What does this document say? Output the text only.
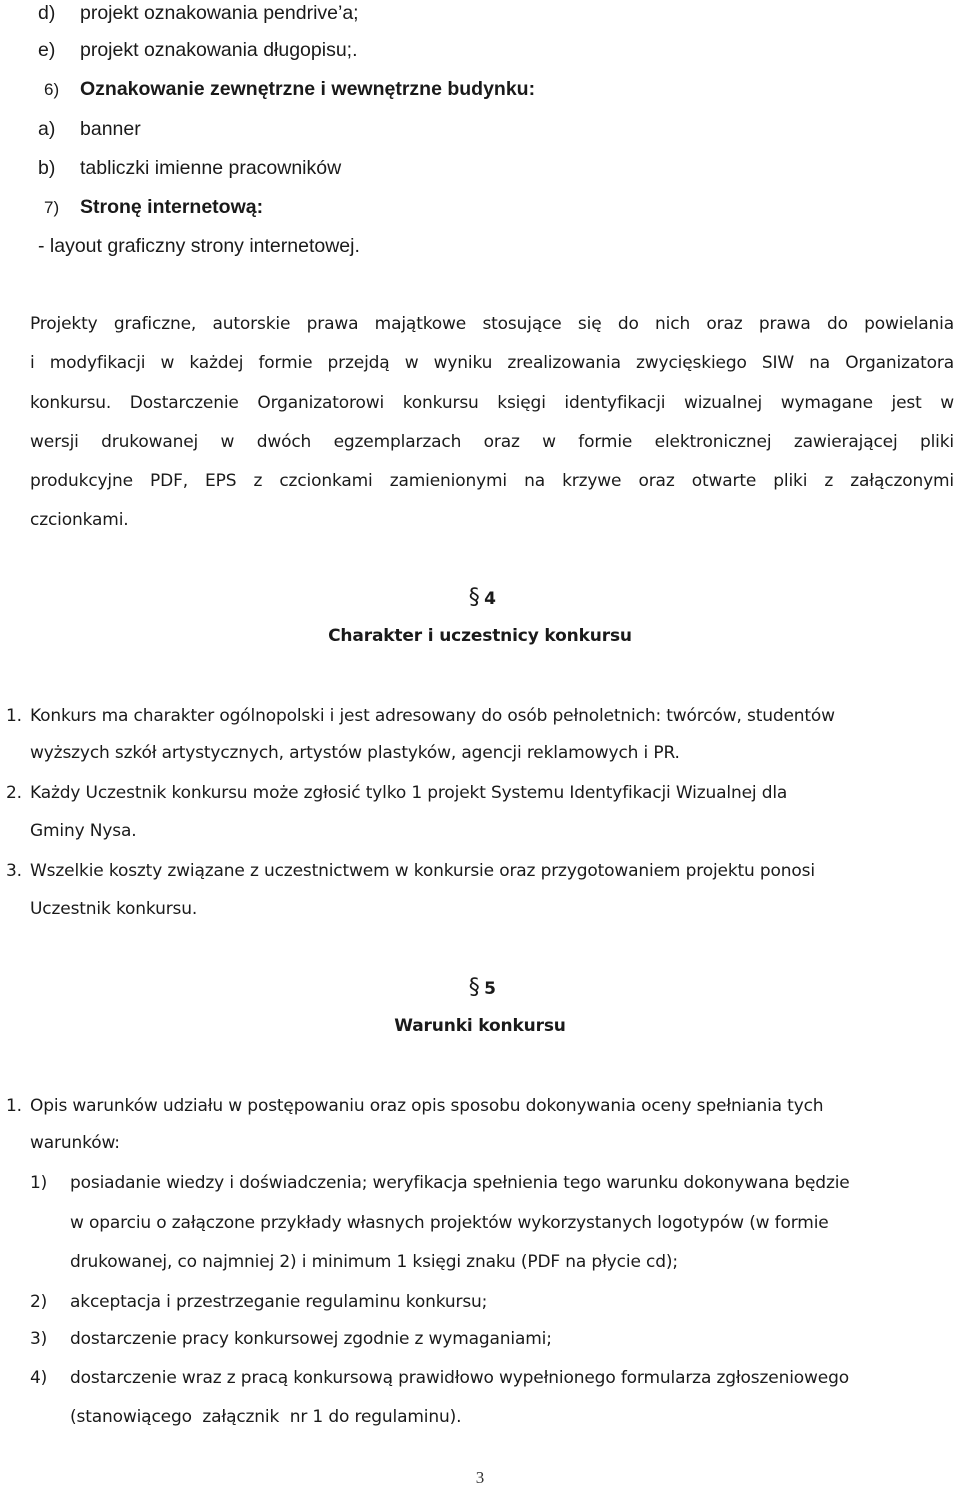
d) projekt oznakowania pendrive’a;
e) projekt oznakowania długopisu;.
6) Oznakowanie zewnętrzne i wewnętrzne budynku:
a) banner
b) tabliczki imienne pracowników
7) Stronę internetową:
- layout graficzny strony internetowej.
Projekty graficzne, autorskie prawa majątkowe stosujące się do nich oraz prawa do powielania
i modyfikacji w każdej formie przejdą w wyniku zrealizowania zwycięskiego SIW na Organizatora
konkursu. Dostarczenie Organizatorowi konkursu księgi identyfikacji wizualnej wymagane jest w
wersji drukowanej w dwóch egzemplarzach oraz w formie elektronicznej zawierającej pliki
produkcyjne PDF, EPS z czcionkami zamienionymi na krzywe oraz otwarte pliki z załączonymi
czcionkami.
§ 4
Charakter i uczestnicy konkursu
1. Konkurs ma charakter ogólnopolski i jest adresowany do osób pełnoletnich: twórców, studentów
wyższych szkół artystycznych, artystów plastyków, agencji reklamowych i PR.
2. Każdy Uczestnik konkursu może zgłosić tylko 1 projekt Systemu Identyfikacji Wizualnej dla
Gminy Nysa.
3. Wszelkie koszty związane z uczestnictwem w konkursie oraz przygotowaniem projektu ponosi
Uczestnik konkursu.
§ 5
Warunki konkursu
1. Opis warunków udziału w postępowaniu oraz opis sposobu dokonywania oceny spełniania tych
warunków:
1) posiadanie wiedzy i doświadczenia; weryfikacja spełnienia tego warunku dokonywana będzie
w oparciu o załączone przykłady własnych projektów wykorzystanych logotypów (w formie
drukowanej, co najmniej 2) i minimum 1 księgi znaku (PDF na płycie cd);
2) akceptacja i przestrzeganie regulaminu konkursu;
3) dostarczenie pracy konkursowej zgodnie z wymaganiami;
4) dostarczenie wraz z pracą konkursową prawidłowo wypełnionego formularza zgłoszeniowego
(stanowiącego  załącznik  nr 1 do regulaminu).
3
